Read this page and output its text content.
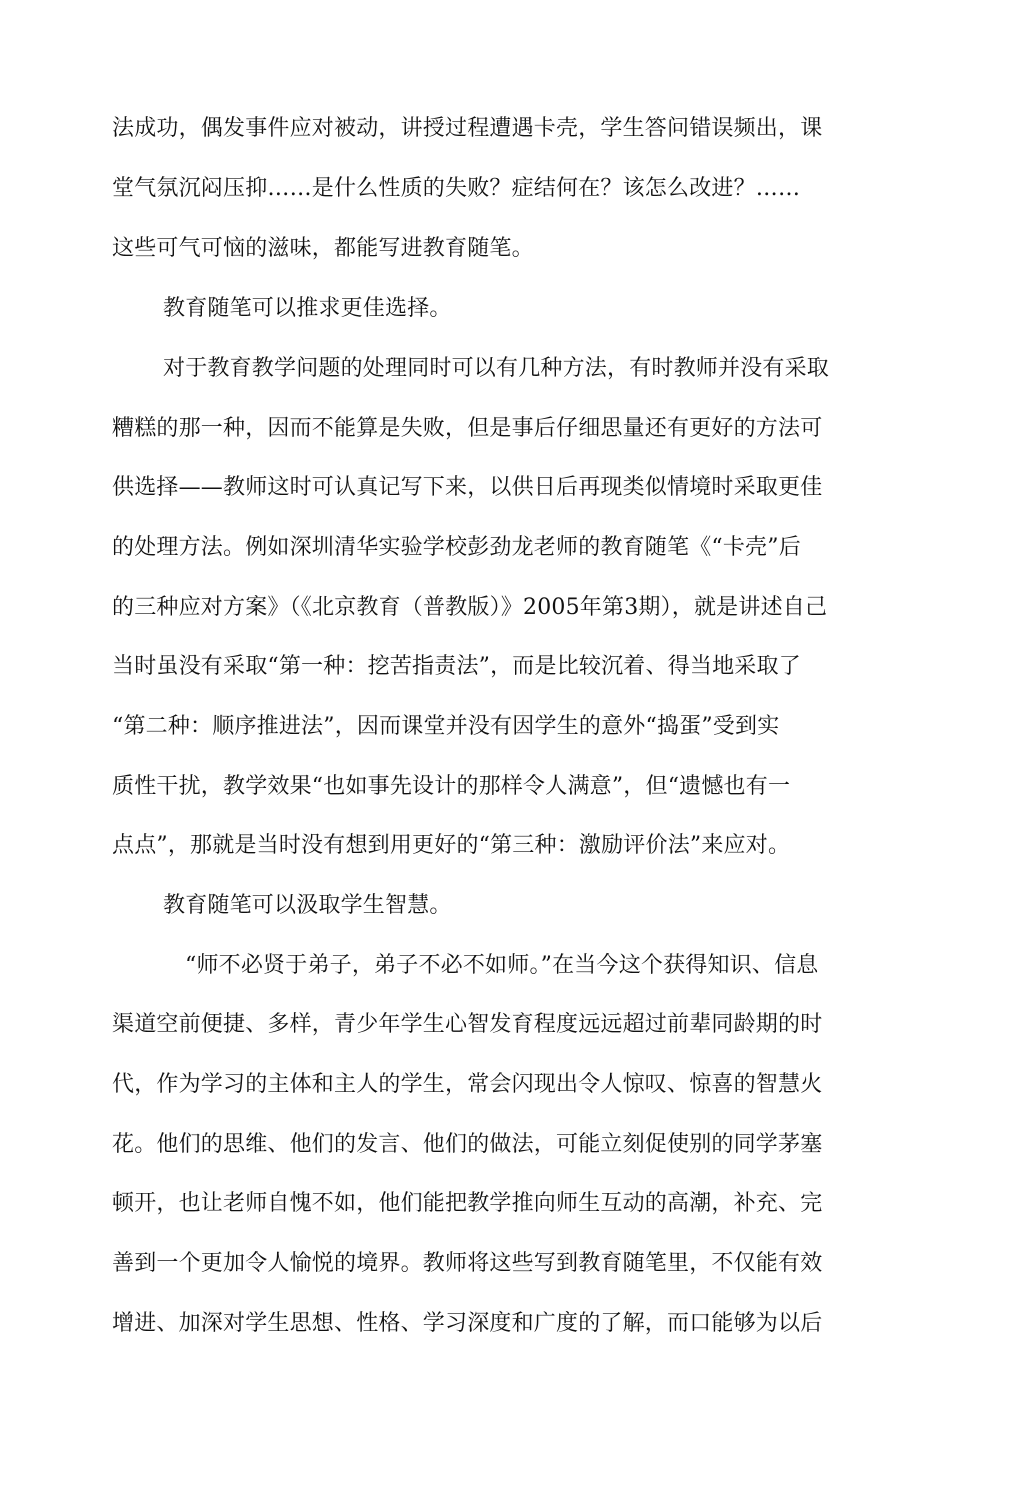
法成功，偶发事件应对被动，讲授过程遭遇卡壳，学生答问错误频出，课
堂气氛沉闷压抑……是什么性质的失败？症结何在？该怎么改进？……
这些可气可恼的滋味，都能写进教育随笔。
教育随笔可以推求更佳选择。
对于教育教学问题的处理同时可以有几种方法，有时教师并没有采取
糟糕的那一种，因而不能算是失败，但是事后仔细思量还有更好的方法可
供选择——教师这时可认真记写下来，以供日后再现类似情境时采取更佳
的处理方法。例如深圳清华实验学校彭劲龙老师的教育随笔《“卡壳”后
的三种应对方案》（《北京教育（普教版）》2005年第3期），就是讲述自己
当时虽没有采取“第一种：挖苦指责法”，而是比较沉着、得当地采取了
“第二种：顺序推进法”，因而课堂并没有因学生的意外“捣蛋”受到实
质性干扰，教学效果“也如事先设计的那样令人满意”，但“遗憾也有一
点点”，那就是当时没有想到用更好的“第三种：激励评价法”来应对。
教育随笔可以汲取学生智慧。
“师不必贤于弟子，弟子不必不如师。”在当今这个获得知识、信息
渠道空前便捷、多样，青少年学生心智发育程度远远超过前辈同龄期的时
代，作为学习的主体和主人的学生，常会闪现出令人惊叹、惊喜的智慧火
花。他们的思维、他们的发言、他们的做法，可能立刻促使别的同学茅塞
顿开，也让老师自愧不如，他们能把教学推向师生互动的高潮，补充、完
善到一个更加令人愉悦的境界。教师将这些写到教育随笔里，不仅能有效
增进、加深对学生思想、性格、学习深度和广度的了解，而口能够为以后
